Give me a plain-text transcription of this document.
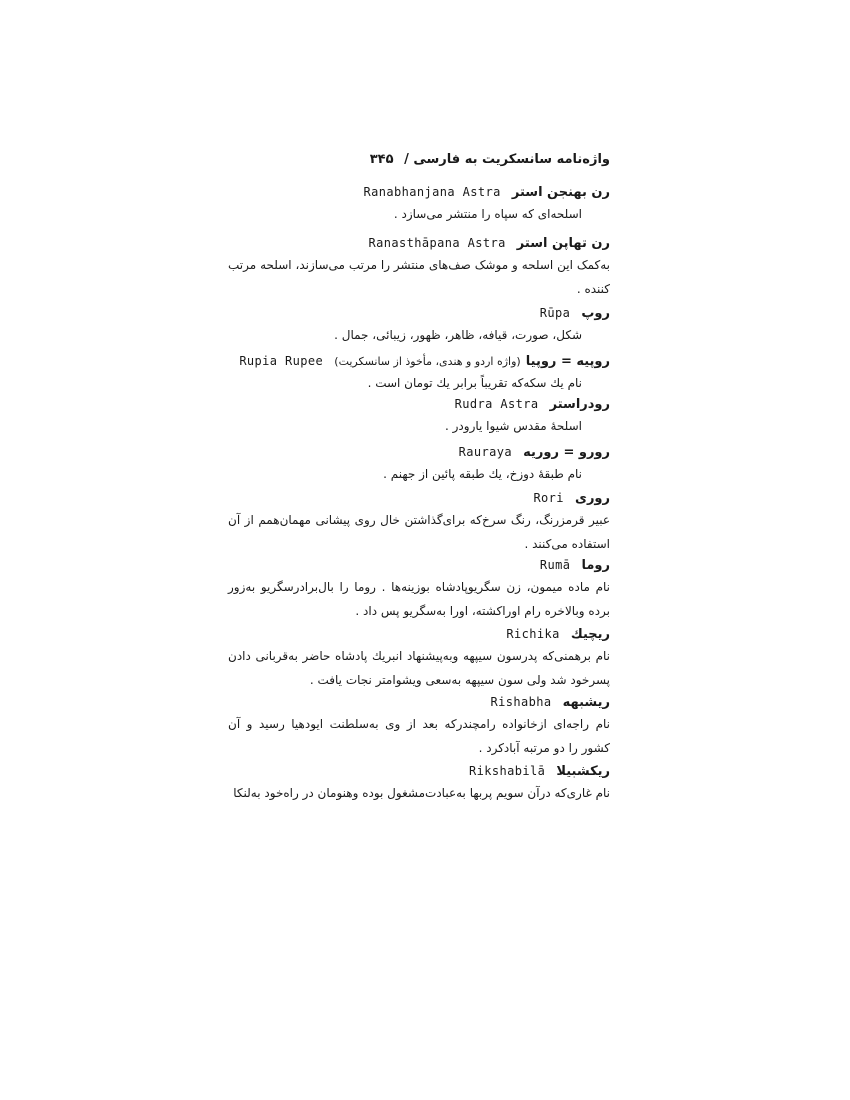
واژه‌نامه سانسکریت به فارسی / ۳۴۵
رن بهنجن استر Ranabhanjana Astra

اسلحه‌ای که سپاه را منتشر می‌سازد .

رن تهاپن استر Ranasthāpana Astra

به‌کمک این اسلحه و موشک صف‌های منتشر را مرتب می‌سازند، اسلحه مرتب کننده .

روپ Rūpa

شکل، صورت، قیافه، ظاهر، ظهور، زیبائی، جمال .

روپیه = روپیا (واژه اردو و هندی، مأخوذ از سانسکریت) Rupia Rupee

نام یك سکه‌که تقریباً برابر یك تومان است .

رودراستر Rudra Astra

اسلحهٔ مقدس شیوا یارودر .

رورو = روریه Rauraya

نام طبقهٔ دوزخ، یك طبقه پائین از جهنم .

روری Rori

عبیر قرمزرنگ، رنگ سرخ‌که برای‌گذاشتن خال روی پیشانی مهمان‌همم از آن استفاده می‌کنند .

روما Rumā

نام ماده میمون، زن سگریوپادشاه بوزینه‌ها . روما را بال‌برادرسگریو به‌زور برده وبالاخره رام اوراکشته، اورا به‌سگریو پس داد .

ریچیك Richika

نام برهمنی‌که پدرسون سیپهه وبه‌پیشنهاد انبریك پادشاه حاضر به‌قربانی دادن پسرخود شد ولی سون سیپهه به‌سعی ویشوامتر نجات یافت .

ریشبهه Rishabha

نام راجه‌ای ازخانواده رامچندرکه بعد از وی به‌سلطنت ایودهیا رسید و آن کشور را دو مرتبه آبادکرد .

ریکشبیلا Rikshabilā

نام غاری‌که درآن سویم پربها به‌عبادت‌مشغول بوده وهنومان در راه‌خود به‌لنکا
